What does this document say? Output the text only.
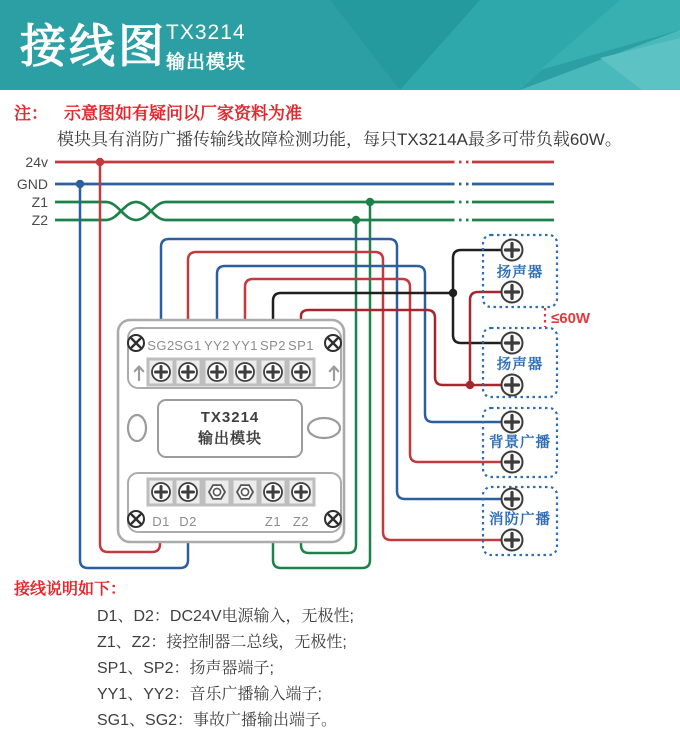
接线图 TX3214
输出模块
注： 示意图如有疑问以厂家资料为准
模块具有消防广播传输线故障检测功能，每只TX3214A最多可带负载60W。
24v
GND
Z1
Z2
SG2 SG1 YY2 YY1 SP2 SP1
TX3214
输出模块
D1 D2	Z1 Z2
扬声器
≤60W
扬声器
背景广播
消防广播
接线说明如下：
D1、D2：DC24V电源输入，无极性;
Z1、Z2：接控制器二总线，无极性;
SP1、SP2：扬声器端子;
YY1、YY2：音乐广播输入端子;
SG1、SG2：事故广播输出端子。
